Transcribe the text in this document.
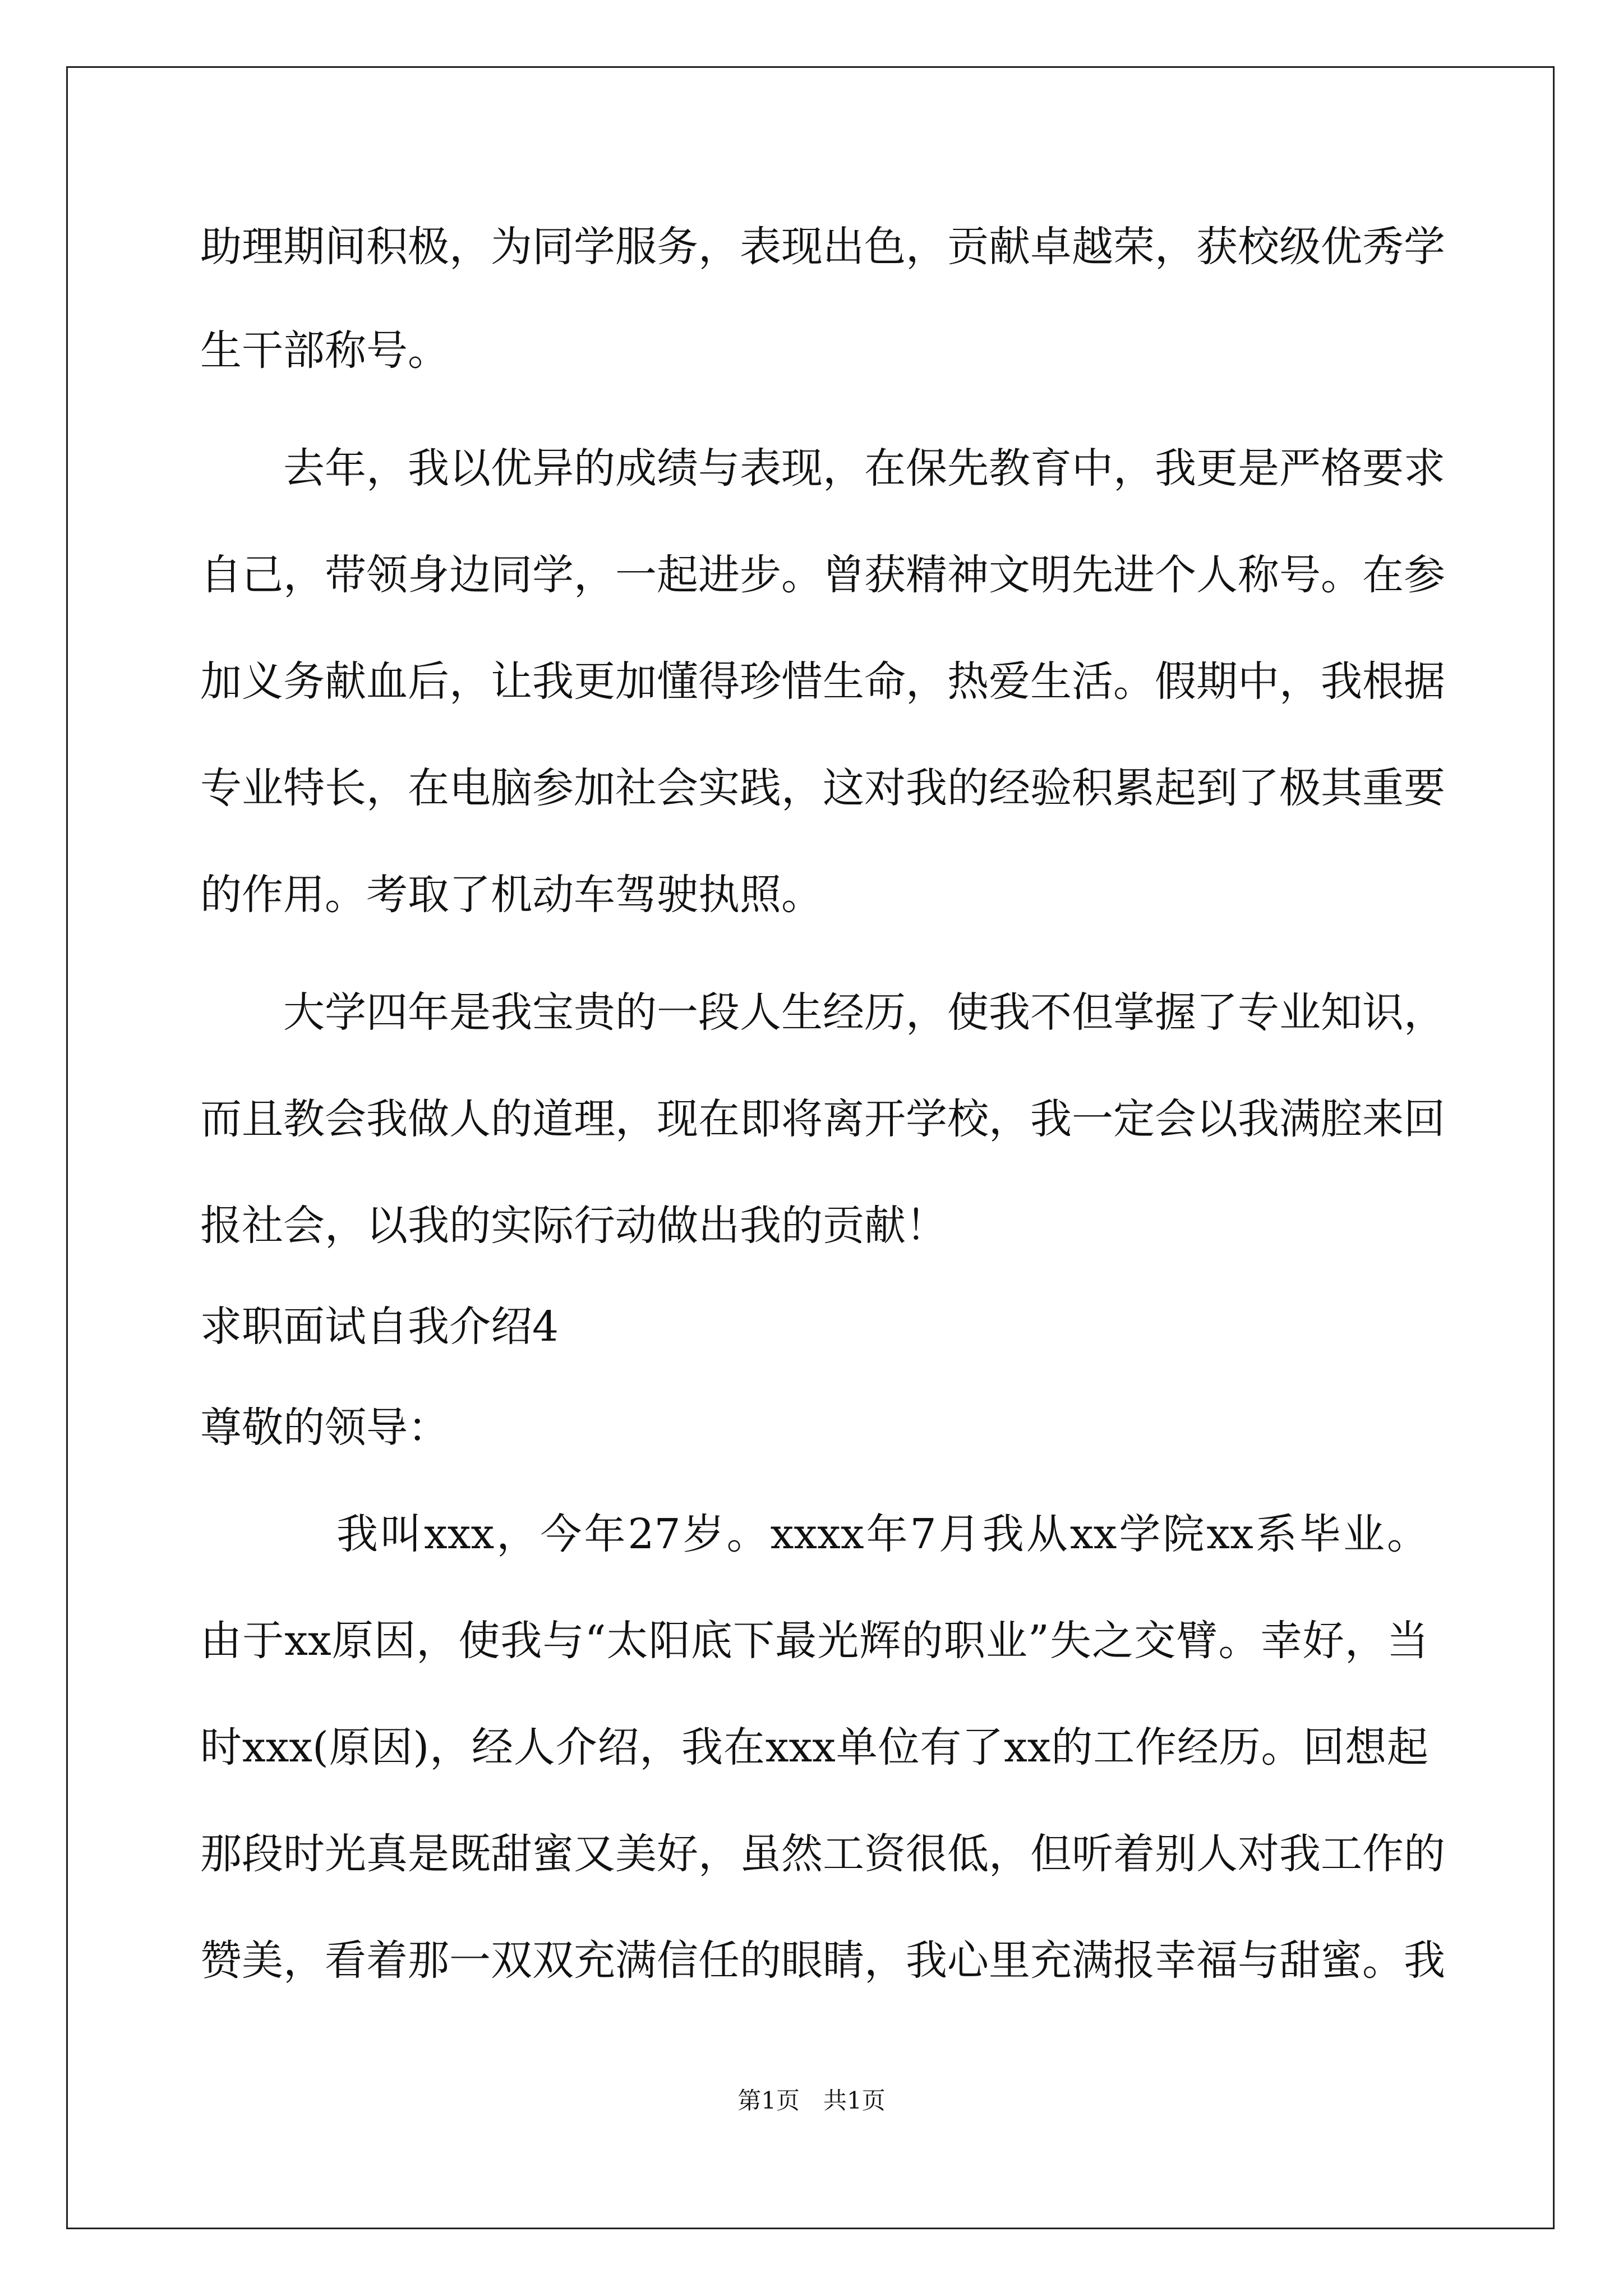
助理期间积极，为同学服务，表现出色，贡献卓越荣，获校级优秀学
生干部称号。
去年，我以优异的成绩与表现，在保先教育中，我更是严格要求
自己，带领身边同学，一起进步。曾获精神文明先进个人称号。在参
加义务献血后，让我更加懂得珍惜生命，热爱生活。假期中，我根据
专业特长，在电脑参加社会实践，这对我的经验积累起到了极其重要
的作用。考取了机动车驾驶执照。
大学四年是我宝贵的一段人生经历，使我不但掌握了专业知识，
而且教会我做人的道理，现在即将离开学校，我一定会以我满腔来回
报社会，以我的实际行动做出我的贡献！
求职面试自我介绍4
尊敬的领导：
我叫xxx，今年27岁。xxxx年7月我从xx学院xx系毕业。
由于xx原因，使我与“太阳底下最光辉的职业”失之交臂。幸好，当
时xxx(原因)，经人介绍，我在xxx单位有了xx的工作经历。回想起
那段时光真是既甜蜜又美好，虽然工资很低，但听着别人对我工作的
赞美，看着那一双双充满信任的眼睛，我心里充满报幸福与甜蜜。我
第1页　共1页
